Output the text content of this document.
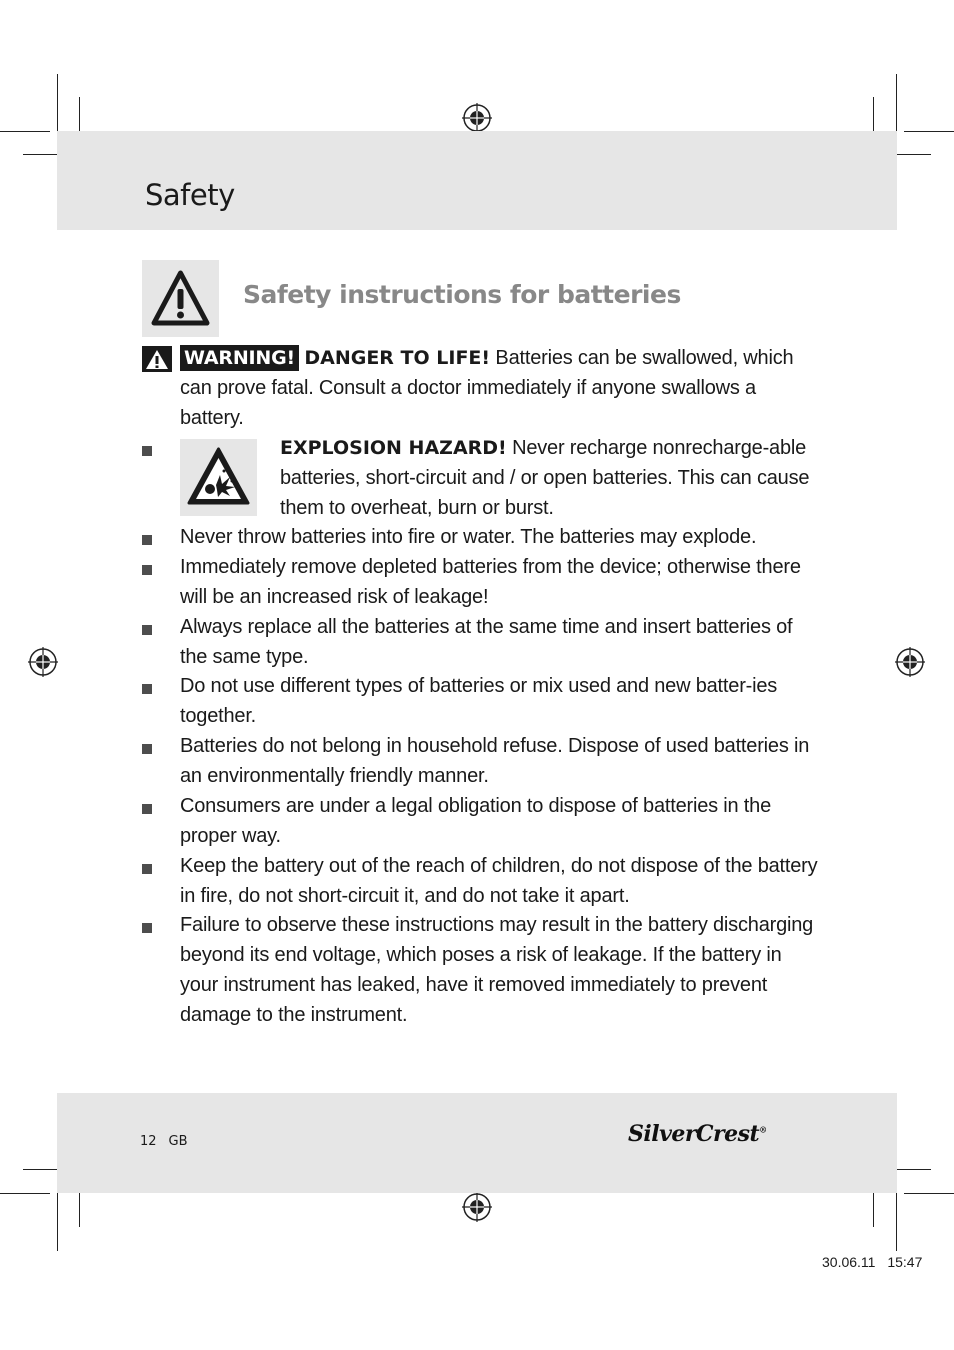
Safety
Safety instructions for batteries
WARNING! DANGER TO LIFE! Batteries can be swallowed, which can prove fatal. Consult a doctor immediately if anyone swallows a battery.
EXPLOSION HAZARD! Never recharge nonrecharge-able batteries, short-circuit and / or open batteries. This can cause them to overheat, burn or burst.
Never throw batteries into fire or water. The batteries may explode.
Immediately remove depleted batteries from the device; otherwise there will be an increased risk of leakage!
Always replace all the batteries at the same time and insert batteries of the same type.
Do not use different types of batteries or mix used and new batter-ies together.
Batteries do not belong in household refuse. Dispose of used batteries in an environmentally friendly manner.
Consumers are under a legal obligation to dispose of batteries in the proper way.
Keep the battery out of the reach of children, do not dispose of the battery in fire, do not short-circuit it, and do not take it apart.
Failure to observe these instructions may result in the battery discharging beyond its end voltage, which poses a risk of leakage. If the battery in your instrument has leaked, have it removed immediately to prevent damage to the instrument.
12 GB	SilverCrest®
30.06.11 15:47
